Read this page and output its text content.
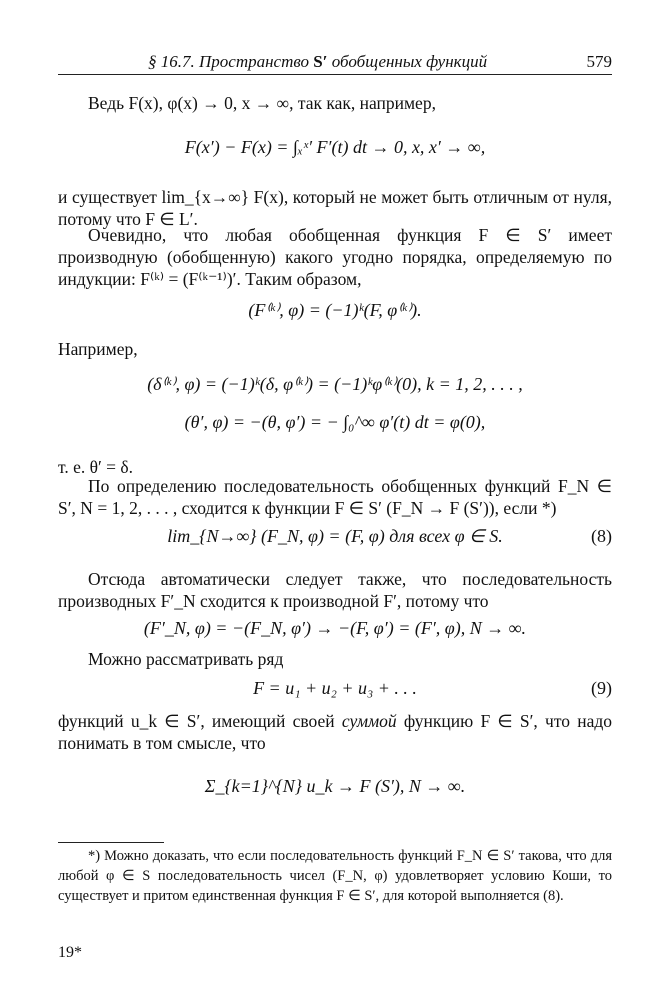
§ 16.7. Пространство S′ обобщенных функций	579
Ведь F(x), φ(x) → 0, x → ∞, так как, например,
F(x′) − F(x) = ∫ₓˣ′ F′(t) dt → 0, x, x′ → ∞,
и существует lim_{x→∞} F(x), который не может быть отличным от нуля, потому что F ∈ L′.
Очевидно, что любая обобщенная функция F ∈ S′ имеет производную (обобщенную) какого угодно порядка, определяемую по индукции: F⁽ᵏ⁾ = (F⁽ᵏ⁻¹⁾)′. Таким образом,
(F⁽ᵏ⁾, φ) = (−1)ᵏ(F, φ⁽ᵏ⁾).
Например,
(δ⁽ᵏ⁾, φ) = (−1)ᵏ(δ, φ⁽ᵏ⁾) = (−1)ᵏφ⁽ᵏ⁾(0), k = 1, 2, . . . ,
(θ′, φ) = −(θ, φ′) = − ∫₀^∞ φ′(t) dt = φ(0),
т. е. θ′ = δ.
По определению последовательность обобщенных функций F_N ∈ S′, N = 1, 2, . . . , сходится к функции F ∈ S′ (F_N → F (S′)), если *)
lim_{N→∞} (F_N, φ) = (F, φ) для всех φ ∈ S.	(8)
Отсюда автоматически следует также, что последовательность производных F′_N сходится к производной F′, потому что
(F′_N, φ) = −(F_N, φ′) → −(F, φ′) = (F′, φ), N → ∞.
Можно рассматривать ряд
F = u₁ + u₂ + u₃ + . . .	(9)
функций u_k ∈ S′, имеющий своей суммой функцию F ∈ S′, что надо понимать в том смысле, что
Σ_{k=1}^{N} u_k → F (S′), N → ∞.
*) Можно доказать, что если последовательность функций F_N ∈ S′ такова, что для любой φ ∈ S последовательность чисел (F_N, φ) удовлетворяет условию Коши, то существует и притом единственная функция F ∈ S′, для которой выполняется (8).
19*
